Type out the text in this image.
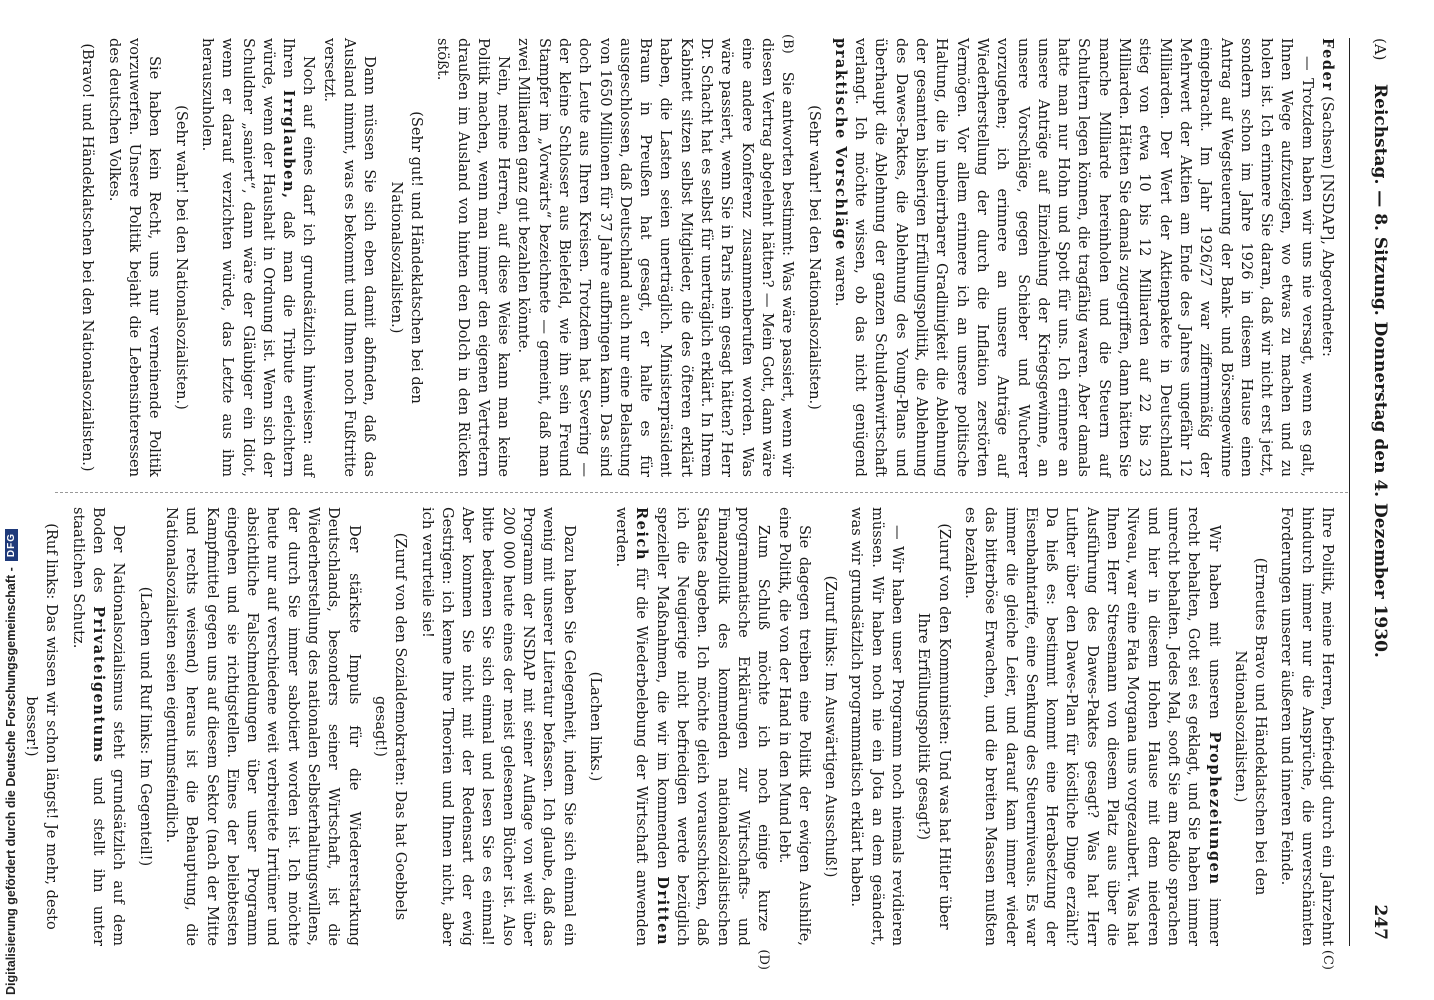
(A)
Reichstag. — 8. Sitzung. Donnerstag den 4. Dezember 1930.
247

Feder (Sachsen) [NSDAP], Abgeordneter:

— Trotzdem haben wir uns nie versagt, wenn es galt, Ihnen Wege aufzuzeigen, wo etwas zu machen und zu holen ist. Ich erinnere Sie daran, daß wir nicht erst jetzt, sondern schon im Jahre 1926 in diesem Hause einen Antrag auf Wegsteuerung der Bank- und Börsengewinne eingebracht. Im Jahr 1926/27 war ziffernmäßig der Mehrwert der Aktien am Ende des Jahres ungefähr 12 Milliarden. Der Wert der Aktienpakete in Deutschland stieg von etwa 10 bis 12 Milliarden auf 22 bis 23 Milliarden. Hätten Sie damals zugegriffen, dann hätten Sie manche Milliarde hereinholen und die Steuern auf Schultern legen können, die tragfähig waren. Aber damals hatte man nur Hohn und Spott für uns. Ich erinnere an unsere Anträge auf Einziehung der Kriegsgewinne, an unsere Vorschläge, gegen Schieber und Wucherer vorzugehen; ich erinnere an unsere Anträge auf Wiederherstellung der durch die Inflation zerstörten Vermögen. Vor allem erinnere ich an unsere politische Haltung, die in unbeirrbarer Gradlinigkeit die Ablehnung der gesamten bisherigen Erfüllungspolitik, die Ablehnung des Dawes-Paktes, die Ablehnung des Young-Plans und überhaupt die Ablehnung der ganzen Schuldenwirtschaft verlangt. Ich möchte wissen, ob das nicht genügend praktische Vorschläge waren.

(Sehr wahr! bei den Nationalsozialisten.)

(B)
Sie antworten bestimmt: Was wäre passiert, wenn wir diesen Vertrag abgelehnt hätten? — Mein Gott, dann wäre eine andere Konferenz zusammenberufen worden. Was wäre passiert, wenn Sie in Paris nein gesagt hätten? Herr Dr. Schacht hat es selbst für unerträglich erklärt. In Ihrem Kabinett sitzen selbst Mitglieder, die des öfteren erklärt haben, die Lasten seien unerträglich. Ministerpräsident Braun in Preußen hat gesagt, er halte es für ausgeschlossen, daß Deutschland auch nur eine Belastung von 1650 Millionen für 37 Jahre aufbringen kann. Das sind doch Leute aus Ihren Kreisen. Trotzdem hat Severing — der kleine Schlosser aus Bielefeld, wie ihn sein Freund Stampfer im „Vorwärts“ bezeichnete — gemeint, daß man zwei Milliarden ganz gut bezahlen könnte.

Nein, meine Herren, auf diese Weise kann man keine Politik machen, wenn man immer den eigenen Vertretern draußen im Ausland von hinten den Dolch in den Rücken stößt.

(Sehr gut! und Händeklatschen bei den Nationalsozialisten.)

Dann müssen Sie sich eben damit abfinden, daß das Ausland nimmt, was es bekommt und Ihnen noch Fußtritte versetzt.

Noch auf eines darf ich grundsätzlich hinweisen: auf Ihren Irrglauben, daß man die Tribute erleichtern würde, wenn der Haushalt in Ordnung ist. Wenn sich der Schuldner „saniert“, dann wäre der Gläubiger ein Idiot, wenn er darauf verzichten würde, das Letzte aus ihm herauszuholen.

(Sehr wahr! bei den Nationalsozialisten.)

Sie haben kein Recht, uns nur verneinende Politik vorzuwerfen. Unsere Politik bejaht die Lebensinteressen des deutschen Volkes.

(Bravo! und Händeklatschen bei den Nationalsozialisten.)

(C)
Ihre Politik, meine Herren, befriedigt durch ein Jahrzehnt hindurch immer nur die Ansprüche, die unverschämten Forderungen unserer äußeren und inneren Feinde.

(Erneutes Bravo und Händeklatschen bei den Nationalsozialisten.)

Wir haben mit unseren Prophezeiungen immer recht behalten, Gott sei es geklagt, und Sie haben immer unrecht behalten. Jedes Mal, sooft Sie am Radio sprachen und hier in diesem Hohen Hause mit dem niederen Niveau, war eine Fata Morgana uns vorgezaubert. Was hat Ihnen Herr Stresemann von diesem Platz aus über die Ausführung des Dawes-Paktes gesagt? Was hat Herr Luther über den Dawes-Plan für köstliche Dinge erzählt? Da hieß es: bestimmt kommt eine Herabsetzung der Eisenbahntarife, eine Senkung des Steuerniveaus. Es war immer die gleiche Leier, und darauf kam immer wieder das bitterböse Erwachen, und die breiten Massen mußten es bezahlen.

(Zuruf von den Kommunisten: Und was hat Hitler über Ihre Erfüllungspolitik gesagt?)

— Wir haben unser Programm noch niemals revidieren müssen. Wir haben noch nie ein Jota an dem geändert, was wir grundsätzlich programmatisch erklärt haben.

(Zuruf links: Im Auswärtigen Ausschuß!)

Sie dagegen treiben eine Politik der ewigen Aushilfe, eine Politik, die von der Hand in den Mund lebt.

(D)
Zum Schluß möchte ich noch einige kurze programmatische Erklärungen zur Wirtschafts- und Finanzpolitik des kommenden nationalsozialistischen Staates abgeben. Ich möchte gleich vorausschicken, daß ich die Neugierige nicht befriedigen werde bezüglich spezieller Maßnahmen, die wir im kommenden Dritten Reich für die Wiederbelebung der Wirtschaft anwenden werden.

(Lachen links.)

Dazu haben Sie Gelegenheit, indem Sie sich einmal ein wenig mit unserer Literatur befassen. Ich glaube, daß das Programm der NSDAP mit seiner Auflage von weit über 200 000 heute eines der meist gelesenen Bücher ist. Also bitte bedienen Sie sich einmal und lesen Sie es einmal! Aber kommen Sie nicht mit der Redensart der ewig Gestrigen: ich kenne Ihre Theorien und Ihnen nicht, aber ich verurteile sie!

(Zuruf von den Sozialdemokraten: Das hat Goebbels gesagt!)

Der stärkste Impuls für die Wiedererstarkung Deutschlands, besonders seiner Wirtschaft, ist die Wiederherstellung des nationalen Selbsterhaltungswillens, der durch Sie immer sabotiert worden ist. Ich möchte heute nur auf verschiedene weit verbreitete Irrtümer und absichtliche Falschmeldungen über unser Programm eingehen und sie richtigstellen. Eines der beliebtesten Kampfmittel gegen uns auf diesem Sektor (nach der Mitte und rechts weisend) heraus ist die Behauptung, die Nationalsozialisten seien eigentumsfeindlich.

(Lachen und Ruf links: Im Gegenteil!)

Der Nationalsozialismus steht grundsätzlich auf dem Boden des Privateigentums und stellt ihn unter staatlichen Schutz.

(Ruf links: Das wissen wir schon längst! Je mehr, desto besser!)

Digitalisierung gefördert durch die Deutsche Forschungsgemeinschaft -
DFG
